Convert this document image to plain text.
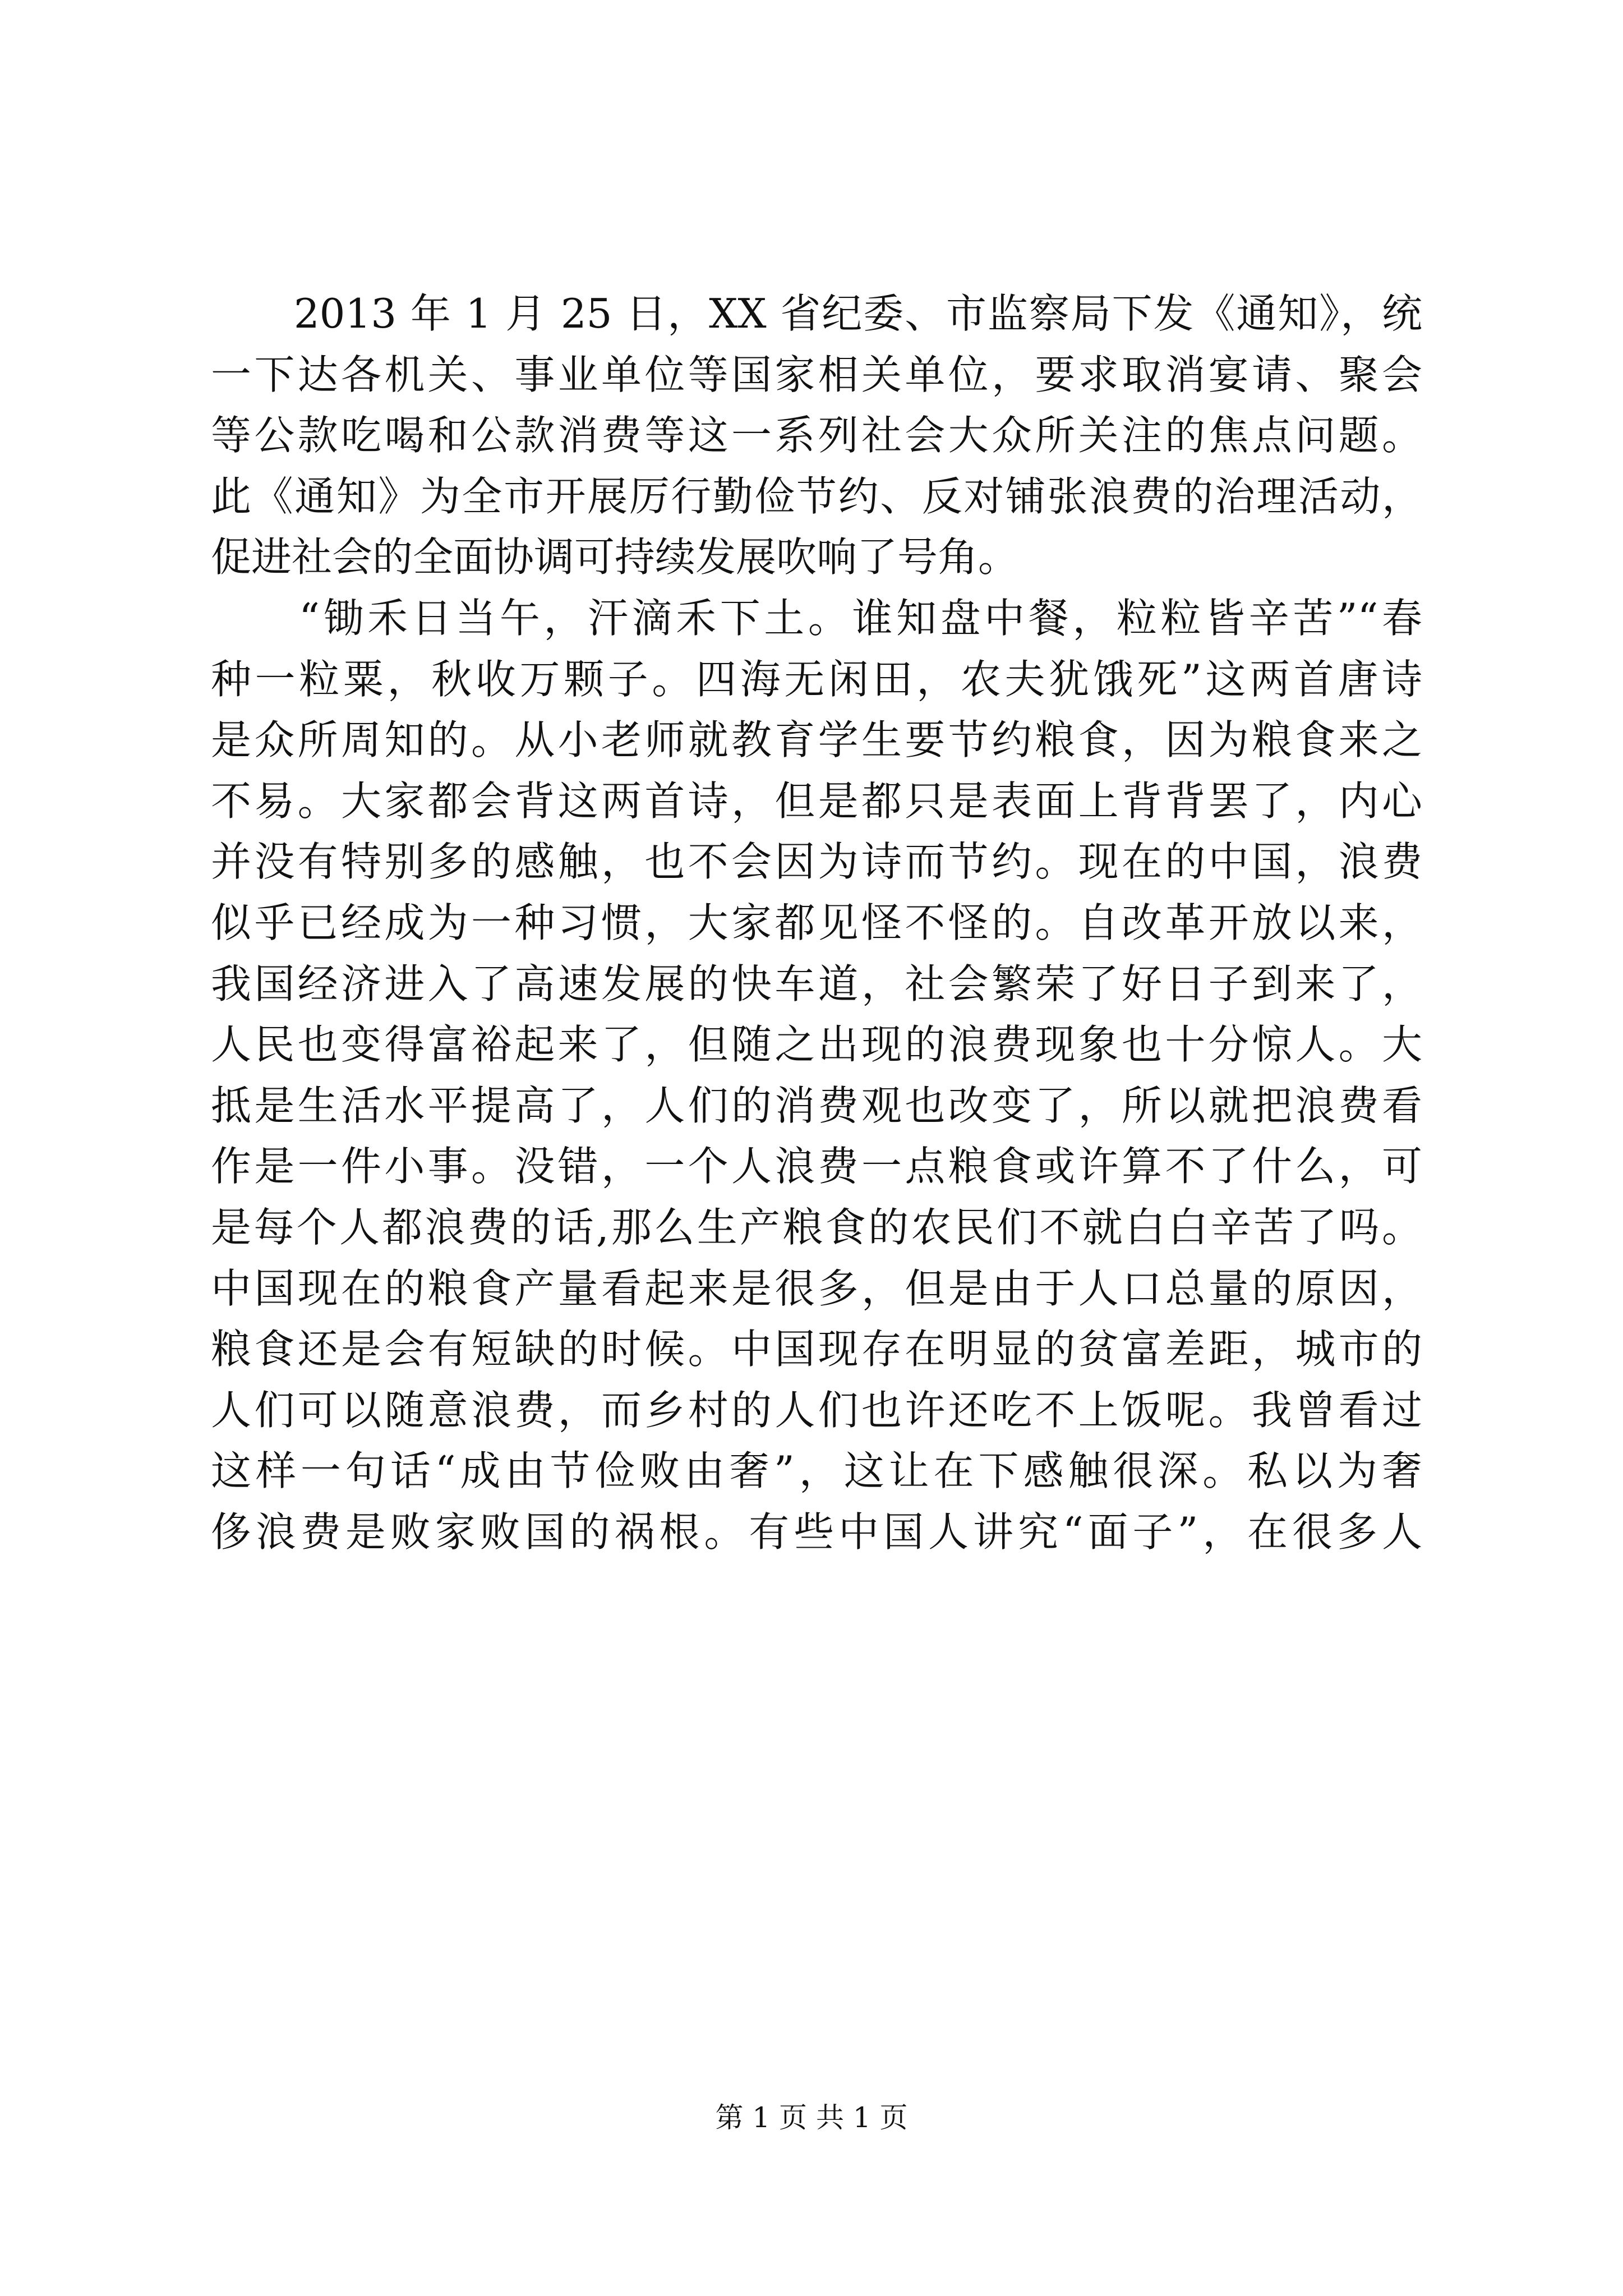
　　2013 年 1 月 25 日，XX 省纪委、市监察局下发《通知》，统
一下达各机关、事业单位等国家相关单位，要求取消宴请、聚会
等公款吃喝和公款消费等这一系列社会大众所关注的焦点问题。
此《通知》为全市开展厉行勤俭节约、反对铺张浪费的治理活动，
促进社会的全面协调可持续发展吹响了号角。
　　“锄禾日当午，汗滴禾下土。谁知盘中餐，粒粒皆辛苦”“春
种一粒粟，秋收万颗子。四海无闲田，农夫犹饿死”这两首唐诗
是众所周知的。从小老师就教育学生要节约粮食，因为粮食来之
不易。大家都会背这两首诗，但是都只是表面上背背罢了，内心
并没有特别多的感触，也不会因为诗而节约。现在的中国，浪费
似乎已经成为一种习惯，大家都见怪不怪的。自改革开放以来，
我国经济进入了高速发展的快车道，社会繁荣了好日子到来了，
人民也变得富裕起来了，但随之出现的浪费现象也十分惊人。大
抵是生活水平提高了，人们的消费观也改变了，所以就把浪费看
作是一件小事。没错，一个人浪费一点粮食或许算不了什么，可
是每个人都浪费的话,那么生产粮食的农民们不就白白辛苦了吗。
中国现在的粮食产量看起来是很多，但是由于人口总量的原因，
粮食还是会有短缺的时候。中国现存在明显的贫富差距，城市的
人们可以随意浪费，而乡村的人们也许还吃不上饭呢。我曾看过
这样一句话“成由节俭败由奢”，这让在下感触很深。私以为奢
侈浪费是败家败国的祸根。有些中国人讲究“面子”，在很多人
第 1 页 共 1 页
